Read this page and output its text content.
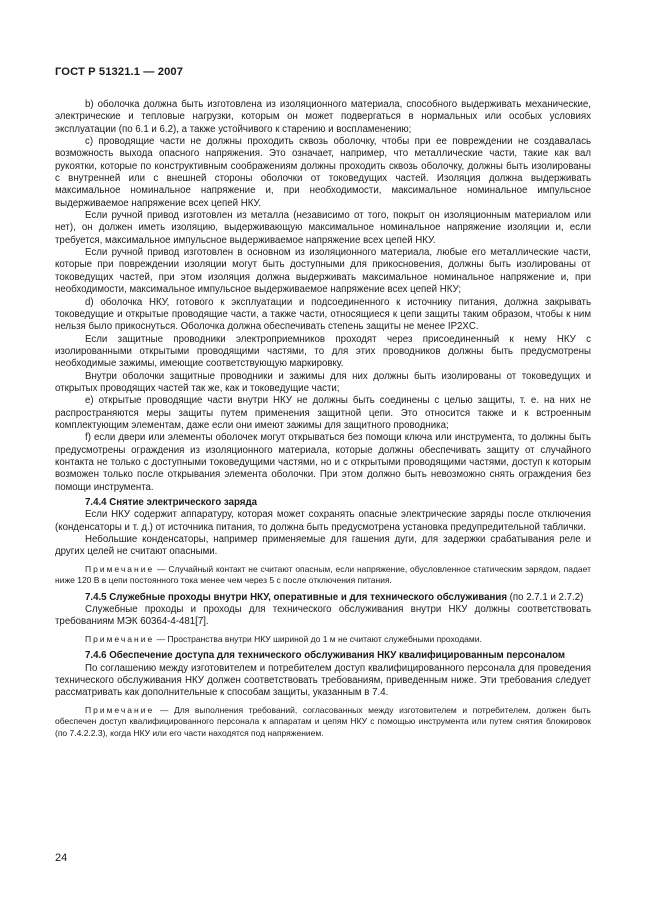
ГОСТ Р 51321.1 — 2007

b) оболочка должна быть изготовлена из изоляционного материала, способного выдерживать механические, электрические и тепловые нагрузки, которым он может подвергаться в нормальных или особых условиях эксплуатации (по 6.1 и 6.2), а также устойчивого к старению и воспламенению;

c) проводящие части не должны проходить сквозь оболочку, чтобы при ее повреждении не создавалась возможность выхода опасного напряжения. Это означает, например, что металлические части, такие как вал рукоятки, которые по конструктивным соображениям должны проходить сквозь оболочку, должны быть изолированы с внутренней или с внешней стороны оболочки от токоведущих частей. Изоляция должна выдерживать максимальное номинальное напряжение и, при необходимости, максимальное номинальное импульсное выдерживаемое напряжение всех цепей НКУ.

Если ручной привод изготовлен из металла (независимо от того, покрыт он изоляционным материалом или нет), он должен иметь изоляцию, выдерживающую максимальное номинальное напряжение изоляции и, если требуется, максимальное импульсное выдерживаемое напряжение всех цепей НКУ.

Если ручной привод изготовлен в основном из изоляционного материала, любые его металлические части, которые при повреждении изоляции могут быть доступными для прикосновения, должны быть изолированы от токоведущих частей, при этом изоляция должна выдерживать максимальное номинальное напряжение и, при необходимости, максимальное импульсное выдерживаемое напряжение всех цепей НКУ;

d) оболочка НКУ, готового к эксплуатации и подсоединенного к источнику питания, должна закрывать токоведущие и открытые проводящие части, а также части, относящиеся к цепи защиты таким образом, чтобы к ним нельзя было прикоснуться. Оболочка должна обеспечивать степень защиты не менее IP2XC.

Если защитные проводники электроприемников проходят через присоединенный к нему НКУ с изолированными открытыми проводящими частями, то для этих проводников должны быть предусмотрены необходимые зажимы, имеющие соответствующую маркировку.

Внутри оболочки защитные проводники и зажимы для них должны быть изолированы от токоведущих и открытых проводящих частей так же, как и токоведущие части;

e) открытые проводящие части внутри НКУ не должны быть соединены с целью защиты, т. е. на них не распространяются меры защиты путем применения защитной цепи. Это относится также и к встроенным комплектующим элементам, даже если они имеют зажимы для защитного проводника;

f) если двери или элементы оболочек могут открываться без помощи ключа или инструмента, то должны быть предусмотрены ограждения из изоляционного материала, которые должны обеспечивать защиту от случайного контакта не только с доступными токоведущими частями, но и с открытыми проводящими частями, доступ к которым возможен только после открывания элемента оболочки. При этом должно быть невозможно снять ограждения без помощи инструмента.

7.4.4 Снятие электрического заряда

Если НКУ содержит аппаратуру, которая может сохранять опасные электрические заряды после отключения (конденсаторы и т. д.) от источника питания, то должна быть предусмотрена установка предупредительной таблички.

Небольшие конденсаторы, например применяемые для гашения дуги, для задержки срабатывания реле и других целей не считают опасными.

Примечание — Случайный контакт не считают опасным, если напряжение, обусловленное статическим зарядом, падает ниже 120 В в цепи постоянного тока менее чем через 5 с после отключения питания.

7.4.5 Служебные проходы внутри НКУ, оперативные и для технического обслуживания (по 2.7.1 и 2.7.2)

Служебные проходы и проходы для технического обслуживания внутри НКУ должны соответствовать требованиям МЭК 60364-4-481[7].

Примечание — Пространства внутри НКУ шириной до 1 м не считают служебными проходами.

7.4.6 Обеспечение доступа для технического обслуживания НКУ квалифицированным персоналом

По соглашению между изготовителем и потребителем доступ квалифицированного персонала для проведения технического обслуживания НКУ должен соответствовать требованиям, приведенным ниже. Эти требования следует рассматривать как дополнительные к способам защиты, указанным в 7.4.

Примечание — Для выполнения требований, согласованных между изготовителем и потребителем, должен быть обеспечен доступ квалифицированного персонала к аппаратам и цепям НКУ с помощью инструмента или путем снятия блокировок (по 7.4.2.2.3), когда НКУ или его части находятся под напряжением.

24
